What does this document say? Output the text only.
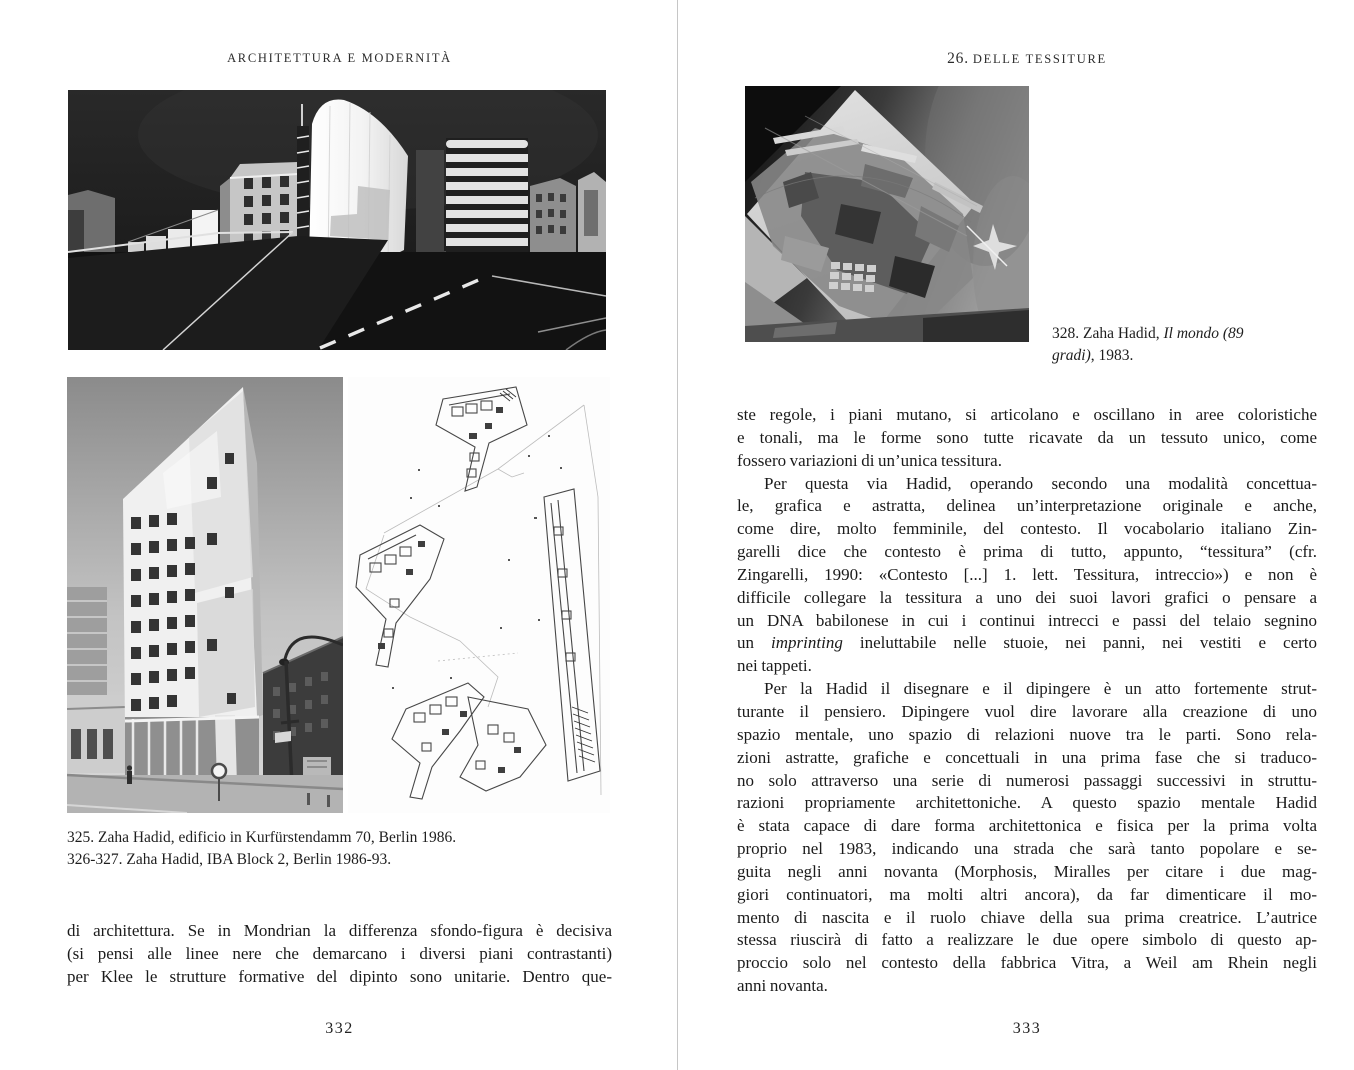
ARCHITETTURA E MODERNITÀ
325. Zaha Hadid, edificio in Kurfürstendamm 70, Berlin 1986.
326-327. Zaha Hadid, IBA Block 2, Berlin 1986-93.
di architettura. Se in Mondrian la differenza sfondo-figura è decisiva
(si pensi alle linee nere che demarcano i diversi piani contrastanti)
per Klee le strutture formative del dipinto sono unitarie. Dentro que-
332
26. DELLE TESSITURE
328. Zaha Hadid, Il mondo (89
gradi), 1983.
ste regole, i piani mutano, si articolano e oscillano in aree coloristiche
e tonali, ma le forme sono tutte ricavate da un tessuto unico, come
fossero variazioni di un’unica tessitura.
Per questa via Hadid, operando secondo una modalità concettua-
le, grafica e astratta, delinea un’interpretazione originale e anche,
come dire, molto femminile, del contesto. Il vocabolario italiano Zin-
garelli dice che contesto è prima di tutto, appunto, “tessitura” (cfr.
Zingarelli, 1990: «Contesto [...] 1. lett. Tessitura, intreccio») e non è
difficile collegare la tessitura a uno dei suoi lavori grafici o pensare a
un DNA babilonese in cui i continui intrecci e passi del telaio segnino
un imprinting ineluttabile nelle stuoie, nei panni, nei vestiti e certo
nei tappeti.
Per la Hadid il disegnare e il dipingere è un atto fortemente strut-
turante il pensiero. Dipingere vuol dire lavorare alla creazione di uno
spazio mentale, uno spazio di relazioni nuove tra le parti. Sono rela-
zioni astratte, grafiche e concettuali in una prima fase che si traduco-
no solo attraverso una serie di numerosi passaggi successivi in struttu-
razioni propriamente architettoniche. A questo spazio mentale Hadid
è stata capace di dare forma architettonica e fisica per la prima volta
proprio nel 1983, indicando una strada che sarà tanto popolare e se-
guita negli anni novanta (Morphosis, Miralles per citare i due mag-
giori continuatori, ma molti altri ancora), da far dimenticare il mo-
mento di nascita e il ruolo chiave della sua prima creatrice. L’autrice
stessa riuscirà di fatto a realizzare le due opere simbolo di questo ap-
proccio solo nel contesto della fabbrica Vitra, a Weil am Rhein negli
anni novanta.
333
